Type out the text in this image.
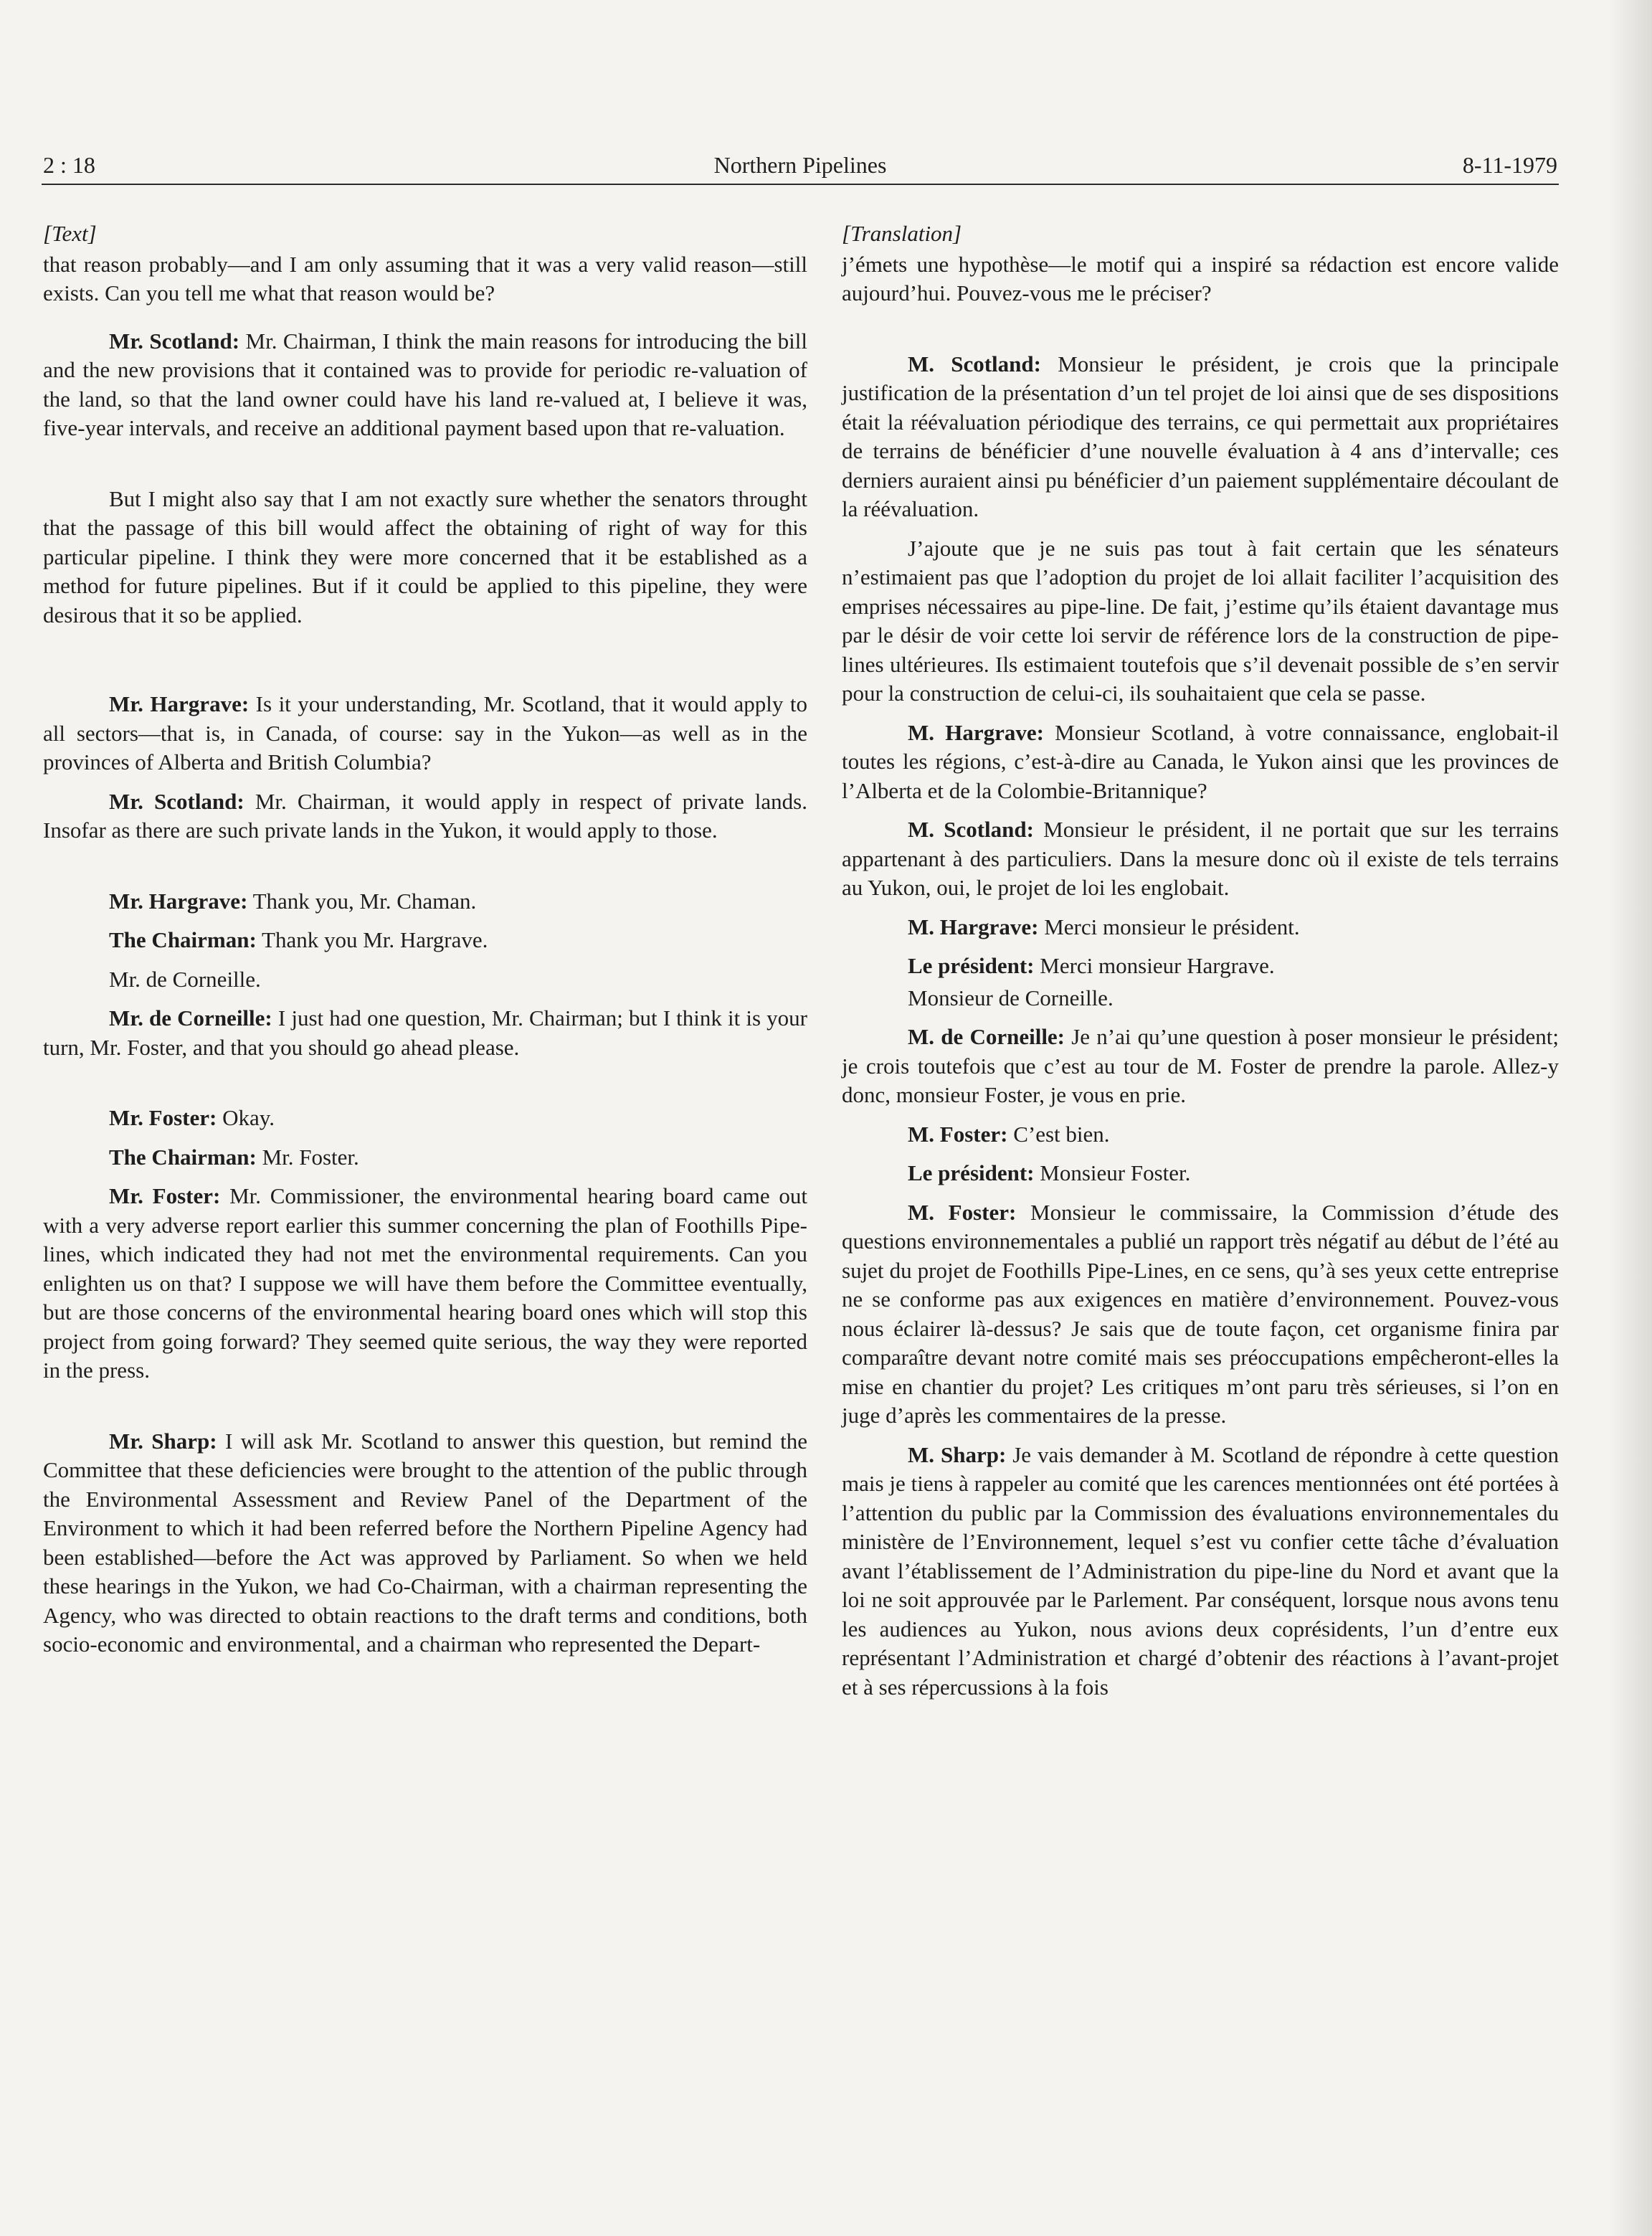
2 : 18	Northern Pipelines	8-11-1979
[Text]

that reason probably—and I am only assuming that it was a very valid reason—still exists. Can you tell me what that reason would be?

Mr. Scotland: Mr. Chairman, I think the main reasons for introducing the bill and the new provisions that it contained was to provide for periodic re-valuation of the land, so that the land owner could have his land re-valued at, I believe it was, five-year intervals, and receive an additional payment based upon that re-valuation.

But I might also say that I am not exactly sure whether the senators throught that the passage of this bill would affect the obtaining of right of way for this particular pipeline. I think they were more concerned that it be established as a method for future pipelines. But if it could be applied to this pipeline, they were desirous that it so be applied.

Mr. Hargrave: Is it your understanding, Mr. Scotland, that it would apply to all sectors—that is, in Canada, of course: say in the Yukon—as well as in the provinces of Alberta and British Columbia?

Mr. Scotland: Mr. Chairman, it would apply in respect of private lands. Insofar as there are such private lands in the Yukon, it would apply to those.

Mr. Hargrave: Thank you, Mr. Chaman.

The Chairman: Thank you Mr. Hargrave.

Mr. de Corneille.

Mr. de Corneille: I just had one question, Mr. Chairman; but I think it is your turn, Mr. Foster, and that you should go ahead please.

Mr. Foster: Okay.

The Chairman: Mr. Foster.

Mr. Foster: Mr. Commissioner, the environmental hearing board came out with a very adverse report earlier this summer concerning the plan of Foothills Pipe-lines, which indicated they had not met the environmental requirements. Can you enlighten us on that? I suppose we will have them before the Committee eventually, but are those concerns of the environmental hearing board ones which will stop this project from going forward? They seemed quite serious, the way they were reported in the press.

Mr. Sharp: I will ask Mr. Scotland to answer this question, but remind the Committee that these deficiencies were brought to the attention of the public through the Environmental Assessment and Review Panel of the Department of the Environment to which it had been referred before the Northern Pipeline Agency had been established—before the Act was approved by Parliament. So when we held these hearings in the Yukon, we had Co-Chairman, with a chairman representing the Agency, who was directed to obtain reactions to the draft terms and conditions, both socio-economic and environmental, and a chairman who represented the Depart-

[Translation]

j’émets une hypothèse—le motif qui a inspiré sa rédaction est encore valide aujourd’hui. Pouvez-vous me le préciser?

M. Scotland: Monsieur le président, je crois que la principale justification de la présentation d’un tel projet de loi ainsi que de ses dispositions était la réévaluation périodique des terrains, ce qui permettait aux propriétaires de terrains de bénéficier d’une nouvelle évaluation à 4 ans d’intervalle; ces derniers auraient ainsi pu bénéficier d’un paiement supplémentaire découlant de la réévaluation.

J’ajoute que je ne suis pas tout à fait certain que les sénateurs n’estimaient pas que l’adoption du projet de loi allait faciliter l’acquisition des emprises nécessaires au pipe-line. De fait, j’estime qu’ils étaient davantage mus par le désir de voir cette loi servir de référence lors de la construction de pipe-lines ultérieures. Ils estimaient toutefois que s’il devenait possible de s’en servir pour la construction de celui-ci, ils souhaitaient que cela se passe.

M. Hargrave: Monsieur Scotland, à votre connaissance, englobait-il toutes les régions, c’est-à-dire au Canada, le Yukon ainsi que les provinces de l’Alberta et de la Colombie-Britannique?

M. Scotland: Monsieur le président, il ne portait que sur les terrains appartenant à des particuliers. Dans la mesure donc où il existe de tels terrains au Yukon, oui, le projet de loi les englobait.

M. Hargrave: Merci monsieur le président.

Le président: Merci monsieur Hargrave.

Monsieur de Corneille.

M. de Corneille: Je n’ai qu’une question à poser monsieur le président; je crois toutefois que c’est au tour de M. Foster de prendre la parole. Allez-y donc, monsieur Foster, je vous en prie.

M. Foster: C’est bien.

Le président: Monsieur Foster.

M. Foster: Monsieur le commissaire, la Commission d’étude des questions environnementales a publié un rapport très négatif au début de l’été au sujet du projet de Foothills Pipe-Lines, en ce sens, qu’à ses yeux cette entreprise ne se conforme pas aux exigences en matière d’environnement. Pouvez-vous nous éclairer là-dessus? Je sais que de toute façon, cet organisme finira par comparaître devant notre comité mais ses préoccupations empêcheront-elles la mise en chantier du projet? Les critiques m’ont paru très sérieuses, si l’on en juge d’après les commentaires de la presse.

M. Sharp: Je vais demander à M. Scotland de répondre à cette question mais je tiens à rappeler au comité que les carences mentionnées ont été portées à l’attention du public par la Commission des évaluations environnementales du ministère de l’Environnement, lequel s’est vu confier cette tâche d’évaluation avant l’établissement de l’Administration du pipe-line du Nord et avant que la loi ne soit approuvée par le Parlement. Par conséquent, lorsque nous avons tenu les audiences au Yukon, nous avions deux coprésidents, l’un d’entre eux représentant l’Administration et chargé d’obtenir des réactions à l’avant-projet et à ses répercussions à la fois
